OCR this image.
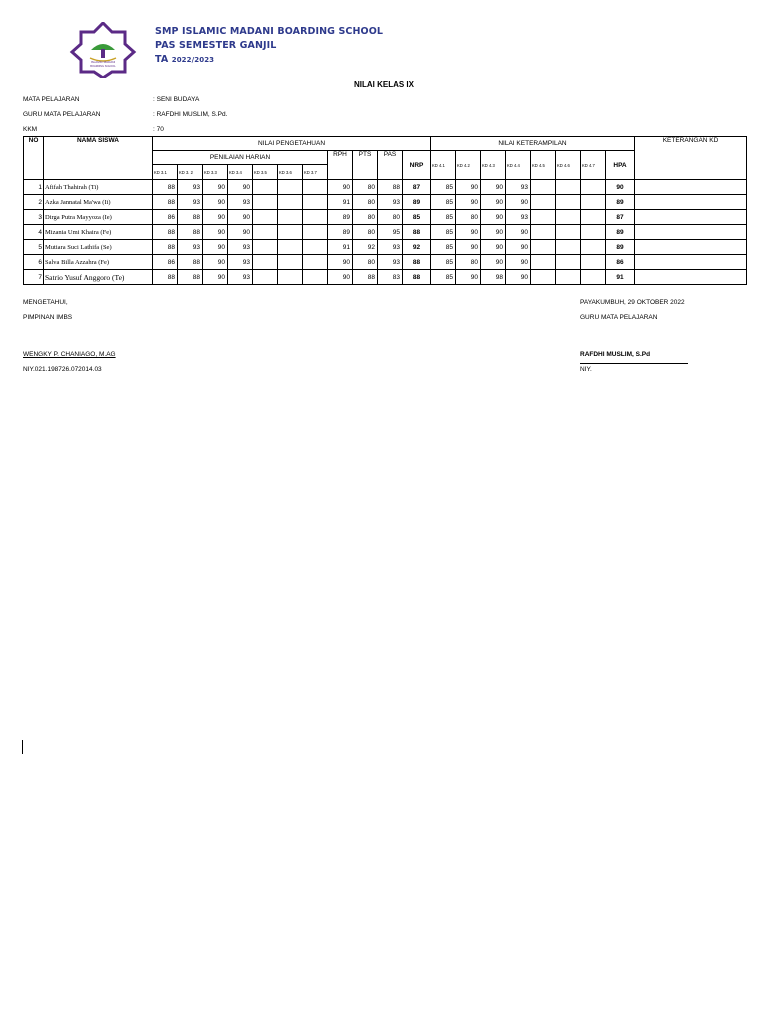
ISLAMIC MADANI
BOARDING SCHOOL
SMP ISLAMIC MADANI BOARDING SCHOOL
PAS SEMESTER GANJIL
TA 2022/2023
NILAI KELAS IX
MATA PELAJARAN	: SENI BUDAYA
GURU MATA PELAJARAN	: RAFDHI MUSLIM, S.Pd.
KKM	: 70
NO	NAMA SISWA	NILAI PENGETAHUAN											NILAI KETERAMPILAN								KETERANGAN KD
		PENILAIAN HARIAN							RPH	PTS	PAS	NRP	KD 4.1	KD 4.2	KD 4.3	KD 4.4	KD 4.5	KD 4.6	KD 4.7	HPA	
		KD 3.1	KD 3. 2	KD 3.3	KD 3.4	KD 3.5	KD 3.6	KD 3.7													
1	Afifah Thahirah (Ti)	88	93	90	90				90	80	88	87	85	90	90	93				90	
2	Azka Jannatal Ma'wa (Ii)	88	93	90	93				91	80	93	89	85	90	90	90				89	
3	Dirga Putra Mayyoza (Ie)	86	88	90	90				89	80	80	85	85	80	90	93				87	
4	Mizania Umi Khaira (Fe)	88	88	90	90				89	80	95	88	85	90	90	90				89	
5	Mutiara Suci Lathifa (Se)	88	93	90	93				91	92	93	92	85	90	90	90				89	
6	Salva Billa Azzahra (Fe)	86	88	90	93				90	80	93	88	85	80	90	90				86	
7	Satrio Yusuf Anggoro (Te)	88	88	90	93				90	88	83	88	85	90	98	90				91	
MENGETAHUI,
PIMPINAN IMBS
WENGKY P. CHANIAGO, M.AG
NIY.021.198726.072014.03
PAYAKUMBUH, 29 OKTOBER 2022
GURU MATA PELAJARAN
RAFDHI MUSLIM, S.Pd
NIY.
